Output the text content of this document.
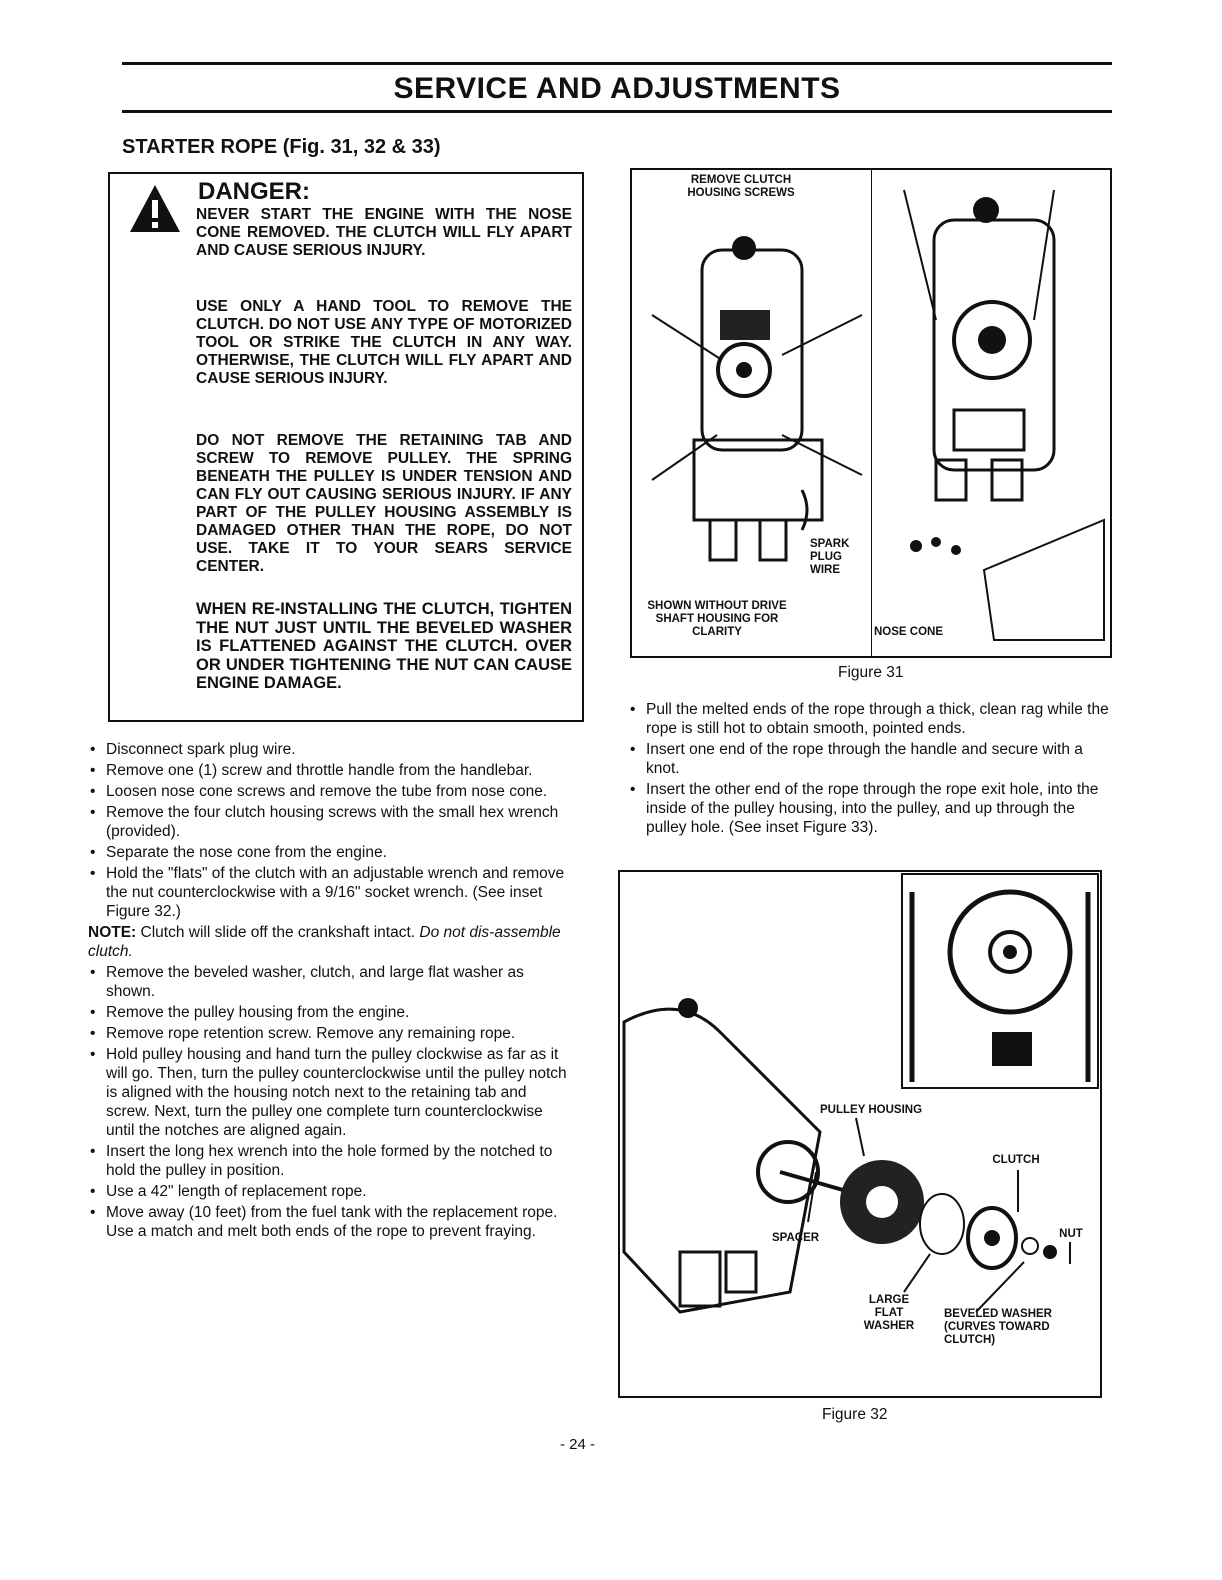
SERVICE AND ADJUSTMENTS
STARTER ROPE (Fig. 31, 32 & 33)
DANGER:

NEVER START THE ENGINE WITH THE NOSE CONE REMOVED. THE CLUTCH WILL FLY APART AND CAUSE SERIOUS INJURY.

USE ONLY A HAND TOOL TO REMOVE THE CLUTCH. DO NOT USE ANY TYPE OF MOTORIZED TOOL OR STRIKE THE CLUTCH IN ANY WAY. OTHERWISE, THE CLUTCH WILL FLY APART AND CAUSE SERIOUS INJURY.

DO NOT REMOVE THE RETAINING TAB AND SCREW TO REMOVE PULLEY. THE SPRING BENEATH THE PULLEY IS UNDER TENSION AND CAN FLY OUT CAUSING SERIOUS INJURY. IF ANY PART OF THE PULLEY HOUSING ASSEMBLY IS DAMAGED OTHER THAN THE ROPE, DO NOT USE. TAKE IT TO YOUR SEARS SERVICE CENTER.

WHEN RE-INSTALLING THE CLUTCH, TIGHTEN THE NUT JUST UNTIL THE BEVELED WASHER IS FLATTENED AGAINST THE CLUTCH. OVER OR UNDER TIGHTENING THE NUT CAN CAUSE ENGINE DAMAGE.

• Disconnect spark plug wire.
• Remove one (1) screw and throttle handle from the handlebar.
• Loosen nose cone screws and remove the tube from nose cone.
• Remove the four clutch housing screws with the small hex wrench (provided).
• Separate the nose cone from the engine.
• Hold the "flats" of the clutch with an adjustable wrench and remove the nut counterclockwise with a 9/16" socket wrench. (See inset Figure 32.)

NOTE: Clutch will slide off the crankshaft intact. Do not dis-assemble clutch.

• Remove the beveled washer, clutch, and large flat washer as shown.
• Remove the pulley housing from the engine.
• Remove rope retention screw. Remove any remaining rope.
• Hold pulley housing and hand turn the pulley clockwise as far as it will go. Then, turn the pulley counterclockwise until the pulley notch is aligned with the housing notch next to the retaining tab and screw. Next, turn the pulley one complete turn counterclockwise until the notches are aligned again.
• Insert the long hex wrench into the hole formed by the notched to hold the pulley in position.
• Use a 42" length of replacement rope.
• Move away (10 feet) from the fuel tank with the replacement rope. Use a match and melt both ends of the rope to prevent fraying.
REMOVE CLUTCH HOUSING SCREWS
SPARK PLUG WIRE
SHOWN WITHOUT DRIVE SHAFT HOUSING FOR CLARITY	NOSE CONE
Figure 31
• Pull the melted ends of the rope through a thick, clean rag while the rope is still hot to obtain smooth, pointed ends.
• Insert one end of the rope through the handle and secure with a knot.
• Insert the other end of the rope through the rope exit hole, into the inside of the pulley housing, into the pulley, and up through the pulley hole. (See inset Figure 33).
PULLEY HOUSING
CLUTCH
NUT
SPACER
LARGE FLAT WASHER
BEVELED WASHER (CURVES TOWARD CLUTCH)
Figure 32
- 24 -
